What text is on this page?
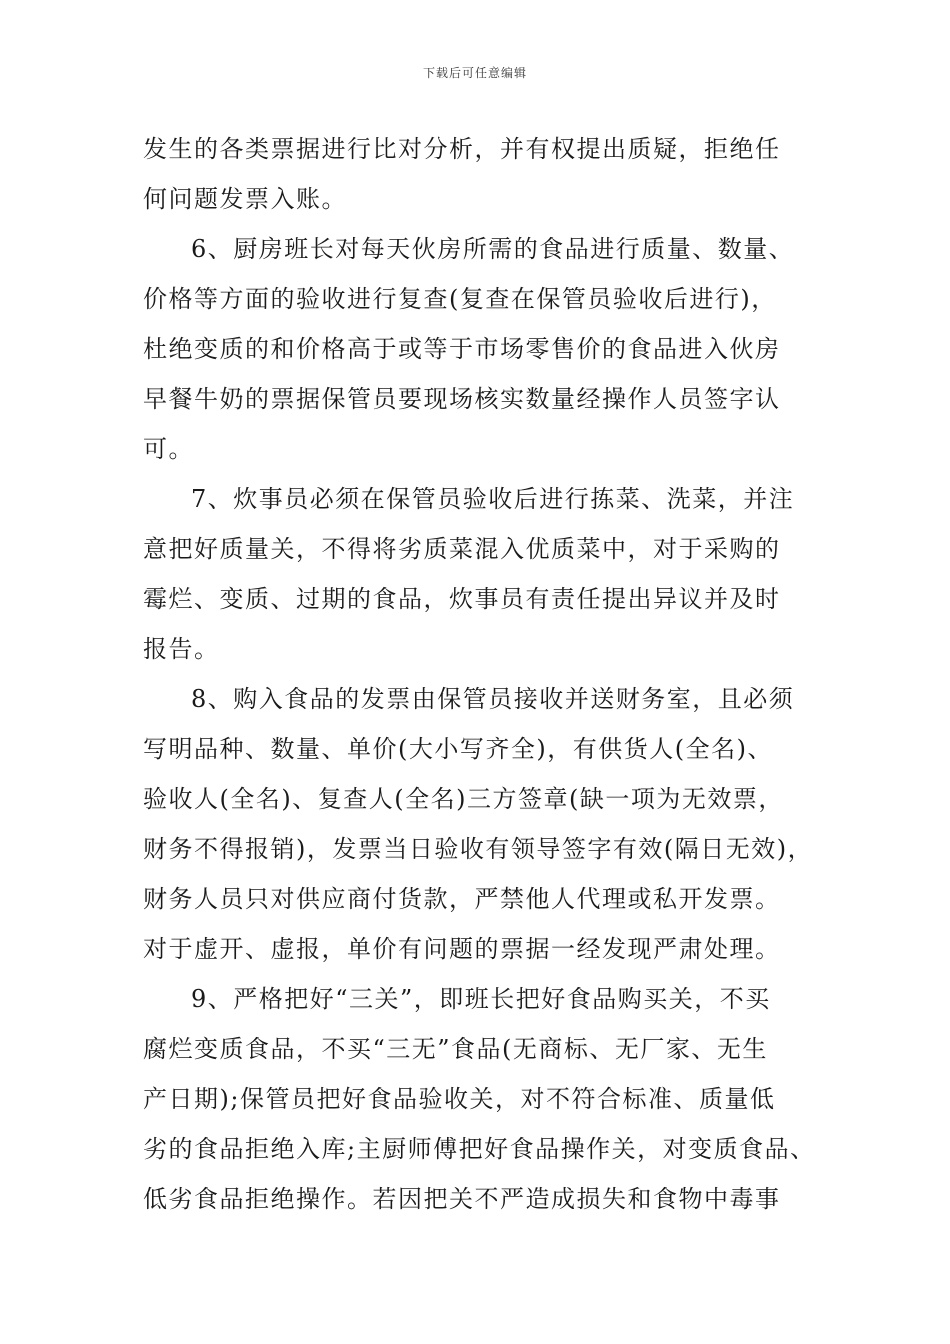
下载后可任意编辑
发生的各类票据进行比对分析，并有权提出质疑，拒绝任
何问题发票入账。
6、厨房班长对每天伙房所需的食品进行质量、数量、
价格等方面的验收进行复查(复查在保管员验收后进行)，
杜绝变质的和价格高于或等于市场零售价的食品进入伙房
早餐牛奶的票据保管员要现场核实数量经操作人员签字认
可。
7、炊事员必须在保管员验收后进行拣菜、洗菜，并注
意把好质量关，不得将劣质菜混入优质菜中，对于采购的
霉烂、变质、过期的食品，炊事员有责任提出异议并及时
报告。
8、购入食品的发票由保管员接收并送财务室，且必须
写明品种、数量、单价(大小写齐全)，有供货人(全名)、
验收人(全名)、复查人(全名)三方签章(缺一项为无效票，
财务不得报销)，发票当日验收有领导签字有效(隔日无效)，
财务人员只对供应商付货款，严禁他人代理或私开发票。
对于虚开、虚报，单价有问题的票据一经发现严肃处理。
9、严格把好“三关”，即班长把好食品购买关，不买
腐烂变质食品，不买“三无”食品(无商标、无厂家、无生
产日期);保管员把好食品验收关，对不符合标准、质量低
劣的食品拒绝入库;主厨师傅把好食品操作关，对变质食品、
低劣食品拒绝操作。若因把关不严造成损失和食物中毒事
